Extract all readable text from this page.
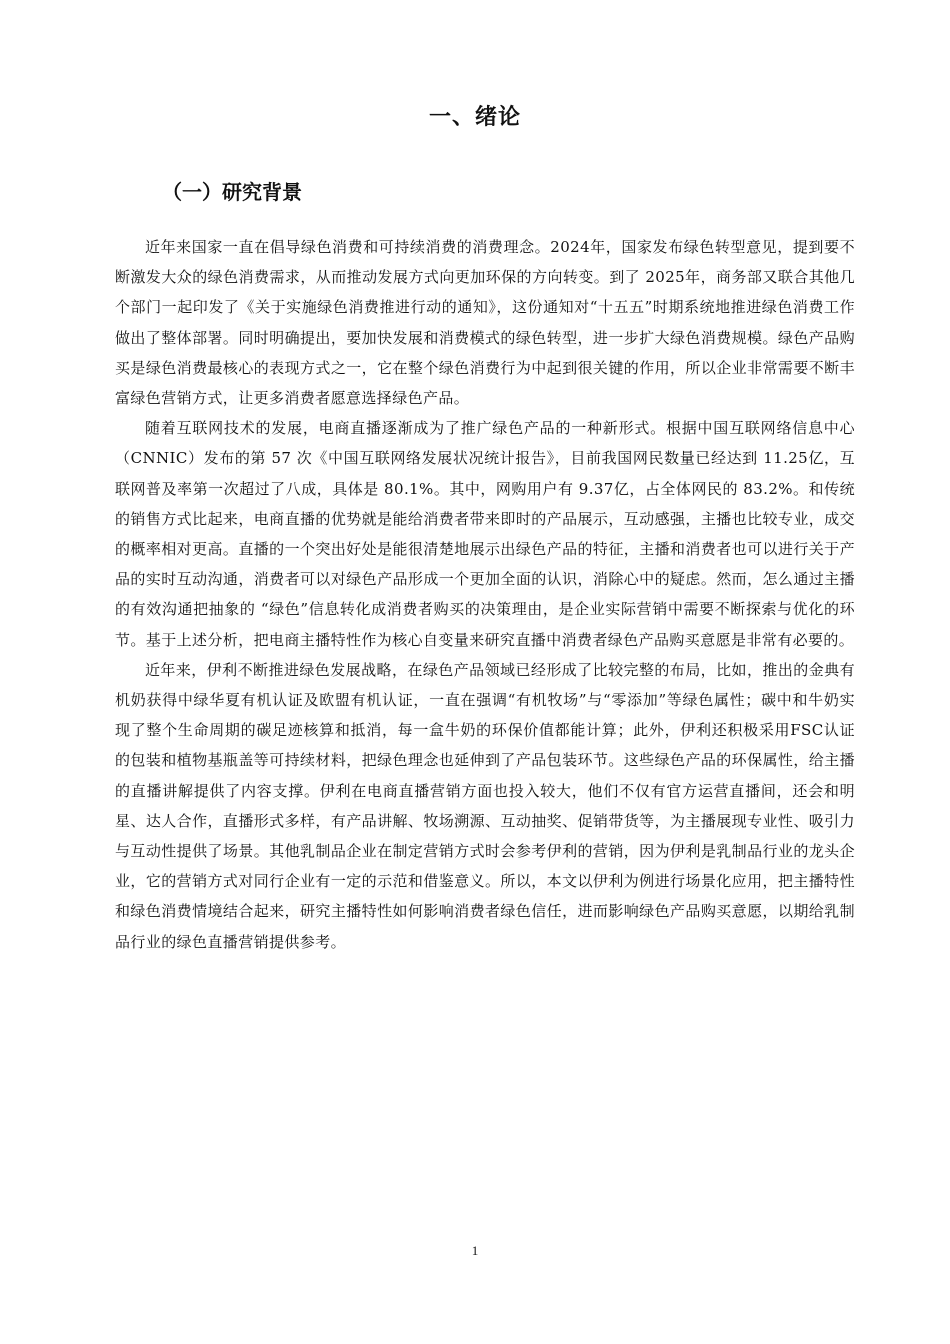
一、绪论
（一）研究背景

近年来国家一直在倡导绿色消费和可持续消费的消费理念。2024年，国家发布绿色转型意见，提到要不断激发大众的绿色消费需求，从而推动发展方式向更加环保的方向转变。到了 2025年，商务部又联合其他几个部门一起印发了《关于实施绿色消费推进行动的通知》，这份通知对“十五五”时期系统地推进绿色消费工作做出了整体部署。同时明确提出，要加快发展和消费模式的绿色转型，进一步扩大绿色消费规模。绿色产品购买是绿色消费最核心的表现方式之一，它在整个绿色消费行为中起到很关键的作用，所以企业非常需要不断丰富绿色营销方式，让更多消费者愿意选择绿色产品。

随着互联网技术的发展，电商直播逐渐成为了推广绿色产品的一种新形式。根据中国互联网络信息中心（CNNIC）发布的第 57 次《中国互联网络发展状况统计报告》，目前我国网民数量已经达到 11.25亿，互联网普及率第一次超过了八成，具体是 80.1%。其中，网购用户有 9.37亿，占全体网民的 83.2%。和传统的销售方式比起来，电商直播的优势就是能给消费者带来即时的产品展示，互动感强，主播也比较专业，成交的概率相对更高。直播的一个突出好处是能很清楚地展示出绿色产品的特征，主播和消费者也可以进行关于产品的实时互动沟通，消费者可以对绿色产品形成一个更加全面的认识，消除心中的疑虑。然而，怎么通过主播的有效沟通把抽象的 “绿色”信息转化成消费者购买的决策理由，是企业实际营销中需要不断探索与优化的环节。基于上述分析，把电商主播特性作为核心自变量来研究直播中消费者绿色产品购买意愿是非常有必要的。

近年来，伊利不断推进绿色发展战略，在绿色产品领域已经形成了比较完整的布局，比如，推出的金典有机奶获得中绿华夏有机认证及欧盟有机认证，一直在强调“有机牧场”与“零添加”等绿色属性；碳中和牛奶实现了整个生命周期的碳足迹核算和抵消，每一盒牛奶的环保价值都能计算；此外，伊利还积极采用FSC认证的包装和植物基瓶盖等可持续材料，把绿色理念也延伸到了产品包装环节。这些绿色产品的环保属性，给主播的直播讲解提供了内容支撑。伊利在电商直播营销方面也投入较大，他们不仅有官方运营直播间，还会和明星、达人合作，直播形式多样，有产品讲解、牧场溯源、互动抽奖、促销带货等，为主播展现专业性、吸引力与互动性提供了场景。其他乳制品企业在制定营销方式时会参考伊利的营销，因为伊利是乳制品行业的龙头企业，它的营销方式对同行企业有一定的示范和借鉴意义。所以，本文以伊利为例进行场景化应用，把主播特性和绿色消费情境结合起来，研究主播特性如何影响消费者绿色信任，进而影响绿色产品购买意愿，以期给乳制品行业的绿色直播营销提供参考。

1
